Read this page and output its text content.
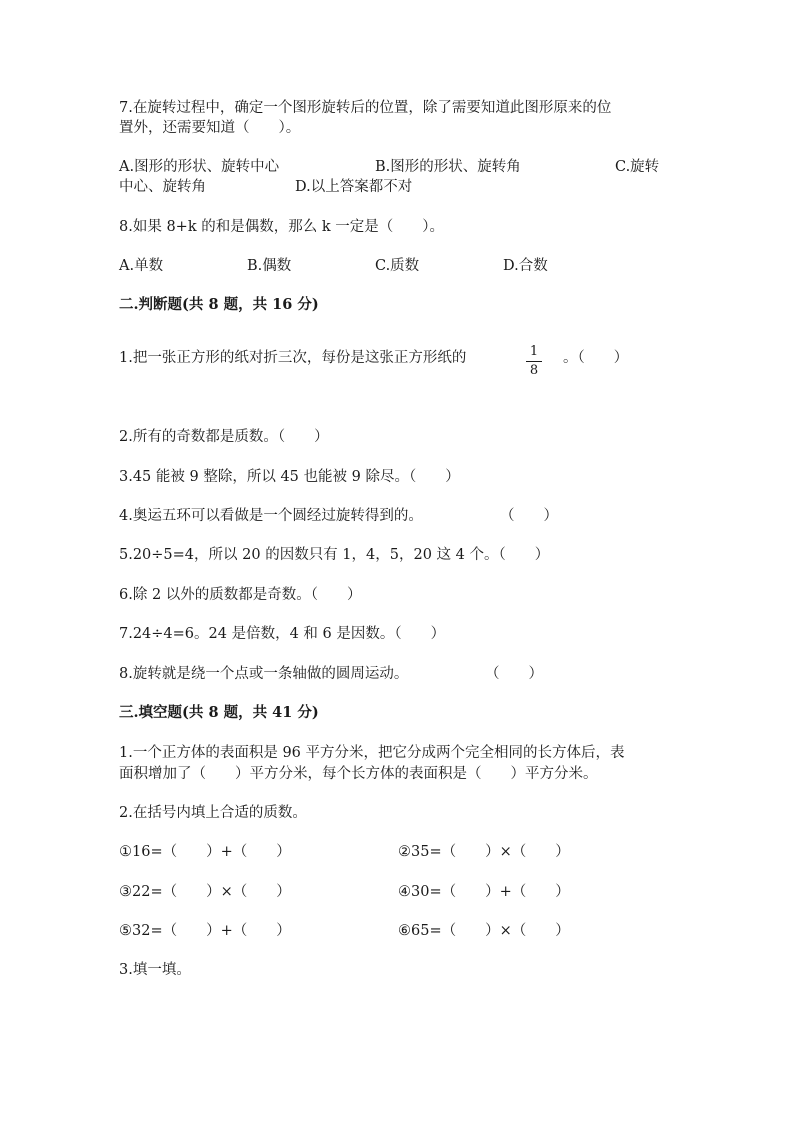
7.在旋转过程中，确定一个图形旋转后的位置，除了需要知道此图形原来的位
置外，还需要知道（　　）。
A.图形的形状、旋转中心	B.图形的形状、旋转角	C.旋转
中心、旋转角	D.以上答案都不对
8.如果 8+k 的和是偶数，那么 k 一定是（　　）。
A.单数	B.偶数	C.质数	D.合数
二.判断题(共 8 题，共 16 分)
1.把一张正方形的纸对折三次，每份是这张正方形纸的	1
8
。（　　）
2.所有的奇数都是质数。（　　）
3.45 能被 9 整除，所以 45 也能被 9 除尽。（　　）
4.奥运五环可以看做是一个圆经过旋转得到的。	（　　）
5.20÷5=4，所以 20 的因数只有 1，4，5，20 这 4 个。（　　）
6.除 2 以外的质数都是奇数。（　　）
7.24÷4=6。24 是倍数，4 和 6 是因数。（　　）
8.旋转就是绕一个点或一条轴做的圆周运动。	（　　）
三.填空题(共 8 题，共 41 分)
1.一个正方体的表面积是 96 平方分米，把它分成两个完全相同的长方体后，表
面积增加了（　　）平方分米，每个长方体的表面积是（　　）平方分米。
2.在括号内填上合适的质数。
①16=（　　）+（　　）	②35=（　　）×（　　）
③22=（　　）×（　　）	④30=（　　）+（　　）
⑤32=（　　）+（　　）	⑥65=（　　）×（　　）
3.填一填。
